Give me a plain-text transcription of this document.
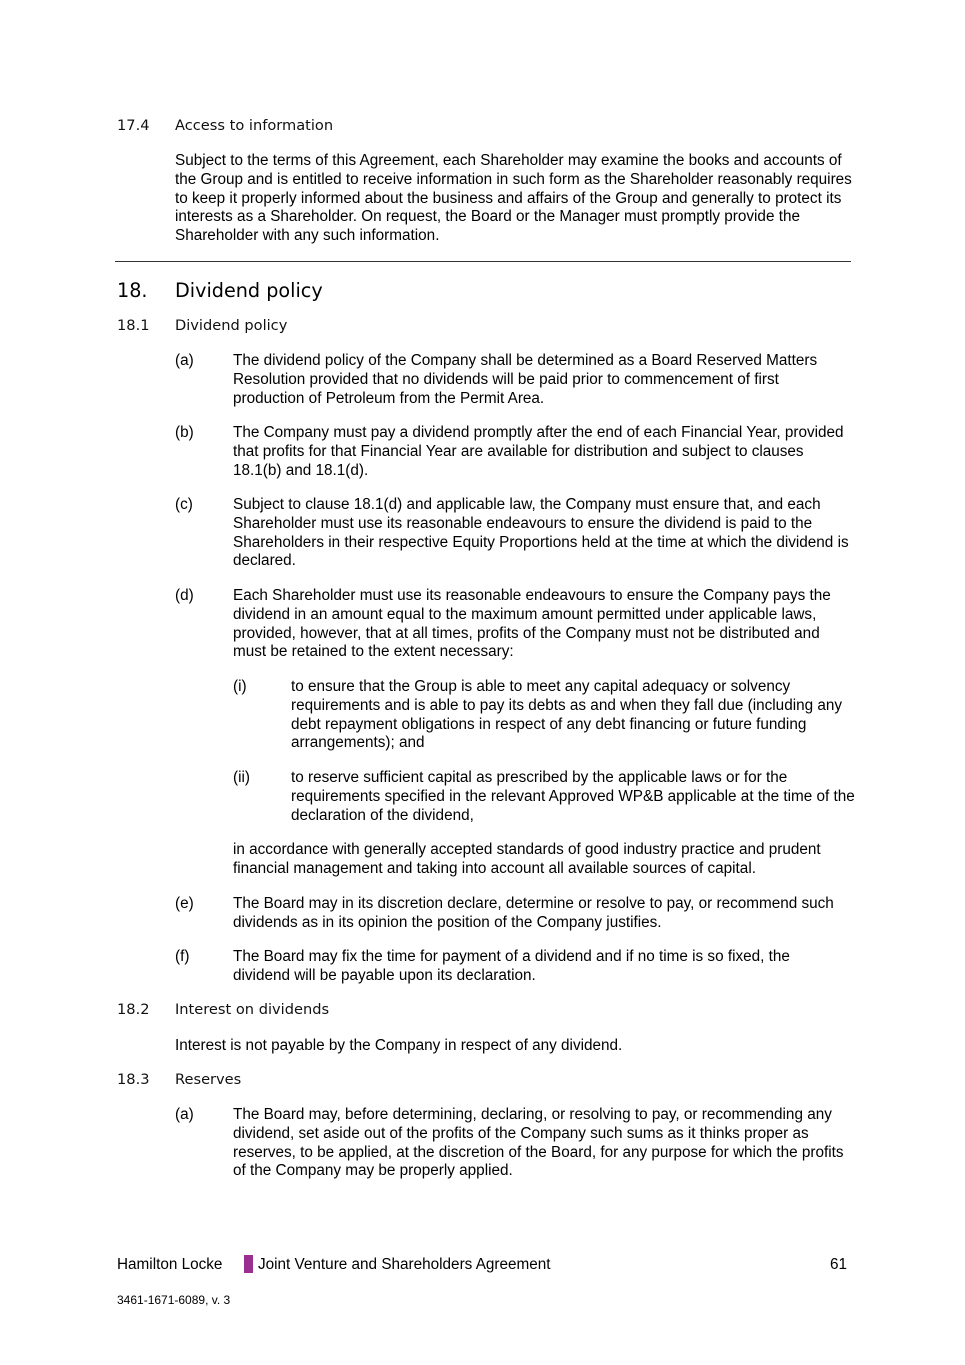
17.4 Access to information

Subject to the terms of this Agreement, each Shareholder may examine the books and accounts of the Group and is entitled to receive information in such form as the Shareholder reasonably requires to keep it properly informed about the business and affairs of the Group and generally to protect its interests as a Shareholder. On request, the Board or the Manager must promptly provide the Shareholder with any such information.

18. Dividend policy
18.1 Dividend policy
(a)	The dividend policy of the Company shall be determined as a Board Reserved Matters Resolution provided that no dividends will be paid prior to commencement of first production of Petroleum from the Permit Area.

(b)	The Company must pay a dividend promptly after the end of each Financial Year, provided that profits for that Financial Year are available for distribution and subject to clauses 18.1(b) and 18.1(d).

(c)	Subject to clause 18.1(d) and applicable law, the Company must ensure that, and each Shareholder must use its reasonable endeavours to ensure the dividend is paid to the Shareholders in their respective Equity Proportions held at the time at which the dividend is declared.

(d)	Each Shareholder must use its reasonable endeavours to ensure the Company pays the dividend in an amount equal to the maximum amount permitted under applicable laws, provided, however, that at all times, profits of the Company must not be distributed and must be retained to the extent necessary:

(i)	to ensure that the Group is able to meet any capital adequacy or solvency requirements and is able to pay its debts as and when they fall due (including any debt repayment obligations in respect of any debt financing or future funding arrangements); and

(ii)	to reserve sufficient capital as prescribed by the applicable laws or for the requirements specified in the relevant Approved WP&B applicable at the time of the declaration of the dividend,

in accordance with generally accepted standards of good industry practice and prudent financial management and taking into account all available sources of capital.

(e)	The Board may in its discretion declare, determine or resolve to pay, or recommend such dividends as in its opinion the position of the Company justifies.

(f)	The Board may fix the time for payment of a dividend and if no time is so fixed, the dividend will be payable upon its declaration.

18.2 Interest on dividends

Interest is not payable by the Company in respect of any dividend.

18.3 Reserves
(a)	The Board may, before determining, declaring, or resolving to pay, or recommending any dividend, set aside out of the profits of the Company such sums as it thinks proper as reserves, to be applied, at the discretion of the Board, for any purpose for which the profits of the Company may be properly applied.

Hamilton Locke Joint Venture and Shareholders Agreement	61
3461-1671-6089, v. 3
